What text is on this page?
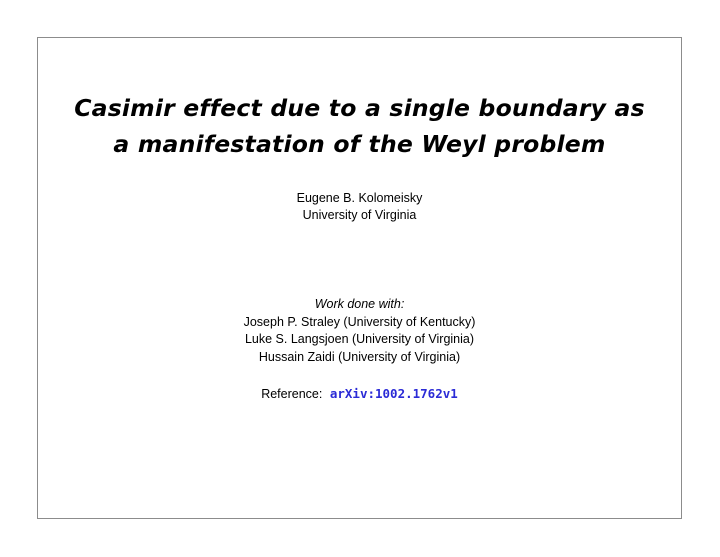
Casimir effect due to a single boundary as
a manifestation of the Weyl problem
Eugene B. Kolomeisky
University of Virginia
Work done with:
Joseph P. Straley (University of Kentucky)
Luke S. Langsjoen (University of Virginia)
Hussain Zaidi (University of Virginia)
Reference: arXiv:1002.1762v1
